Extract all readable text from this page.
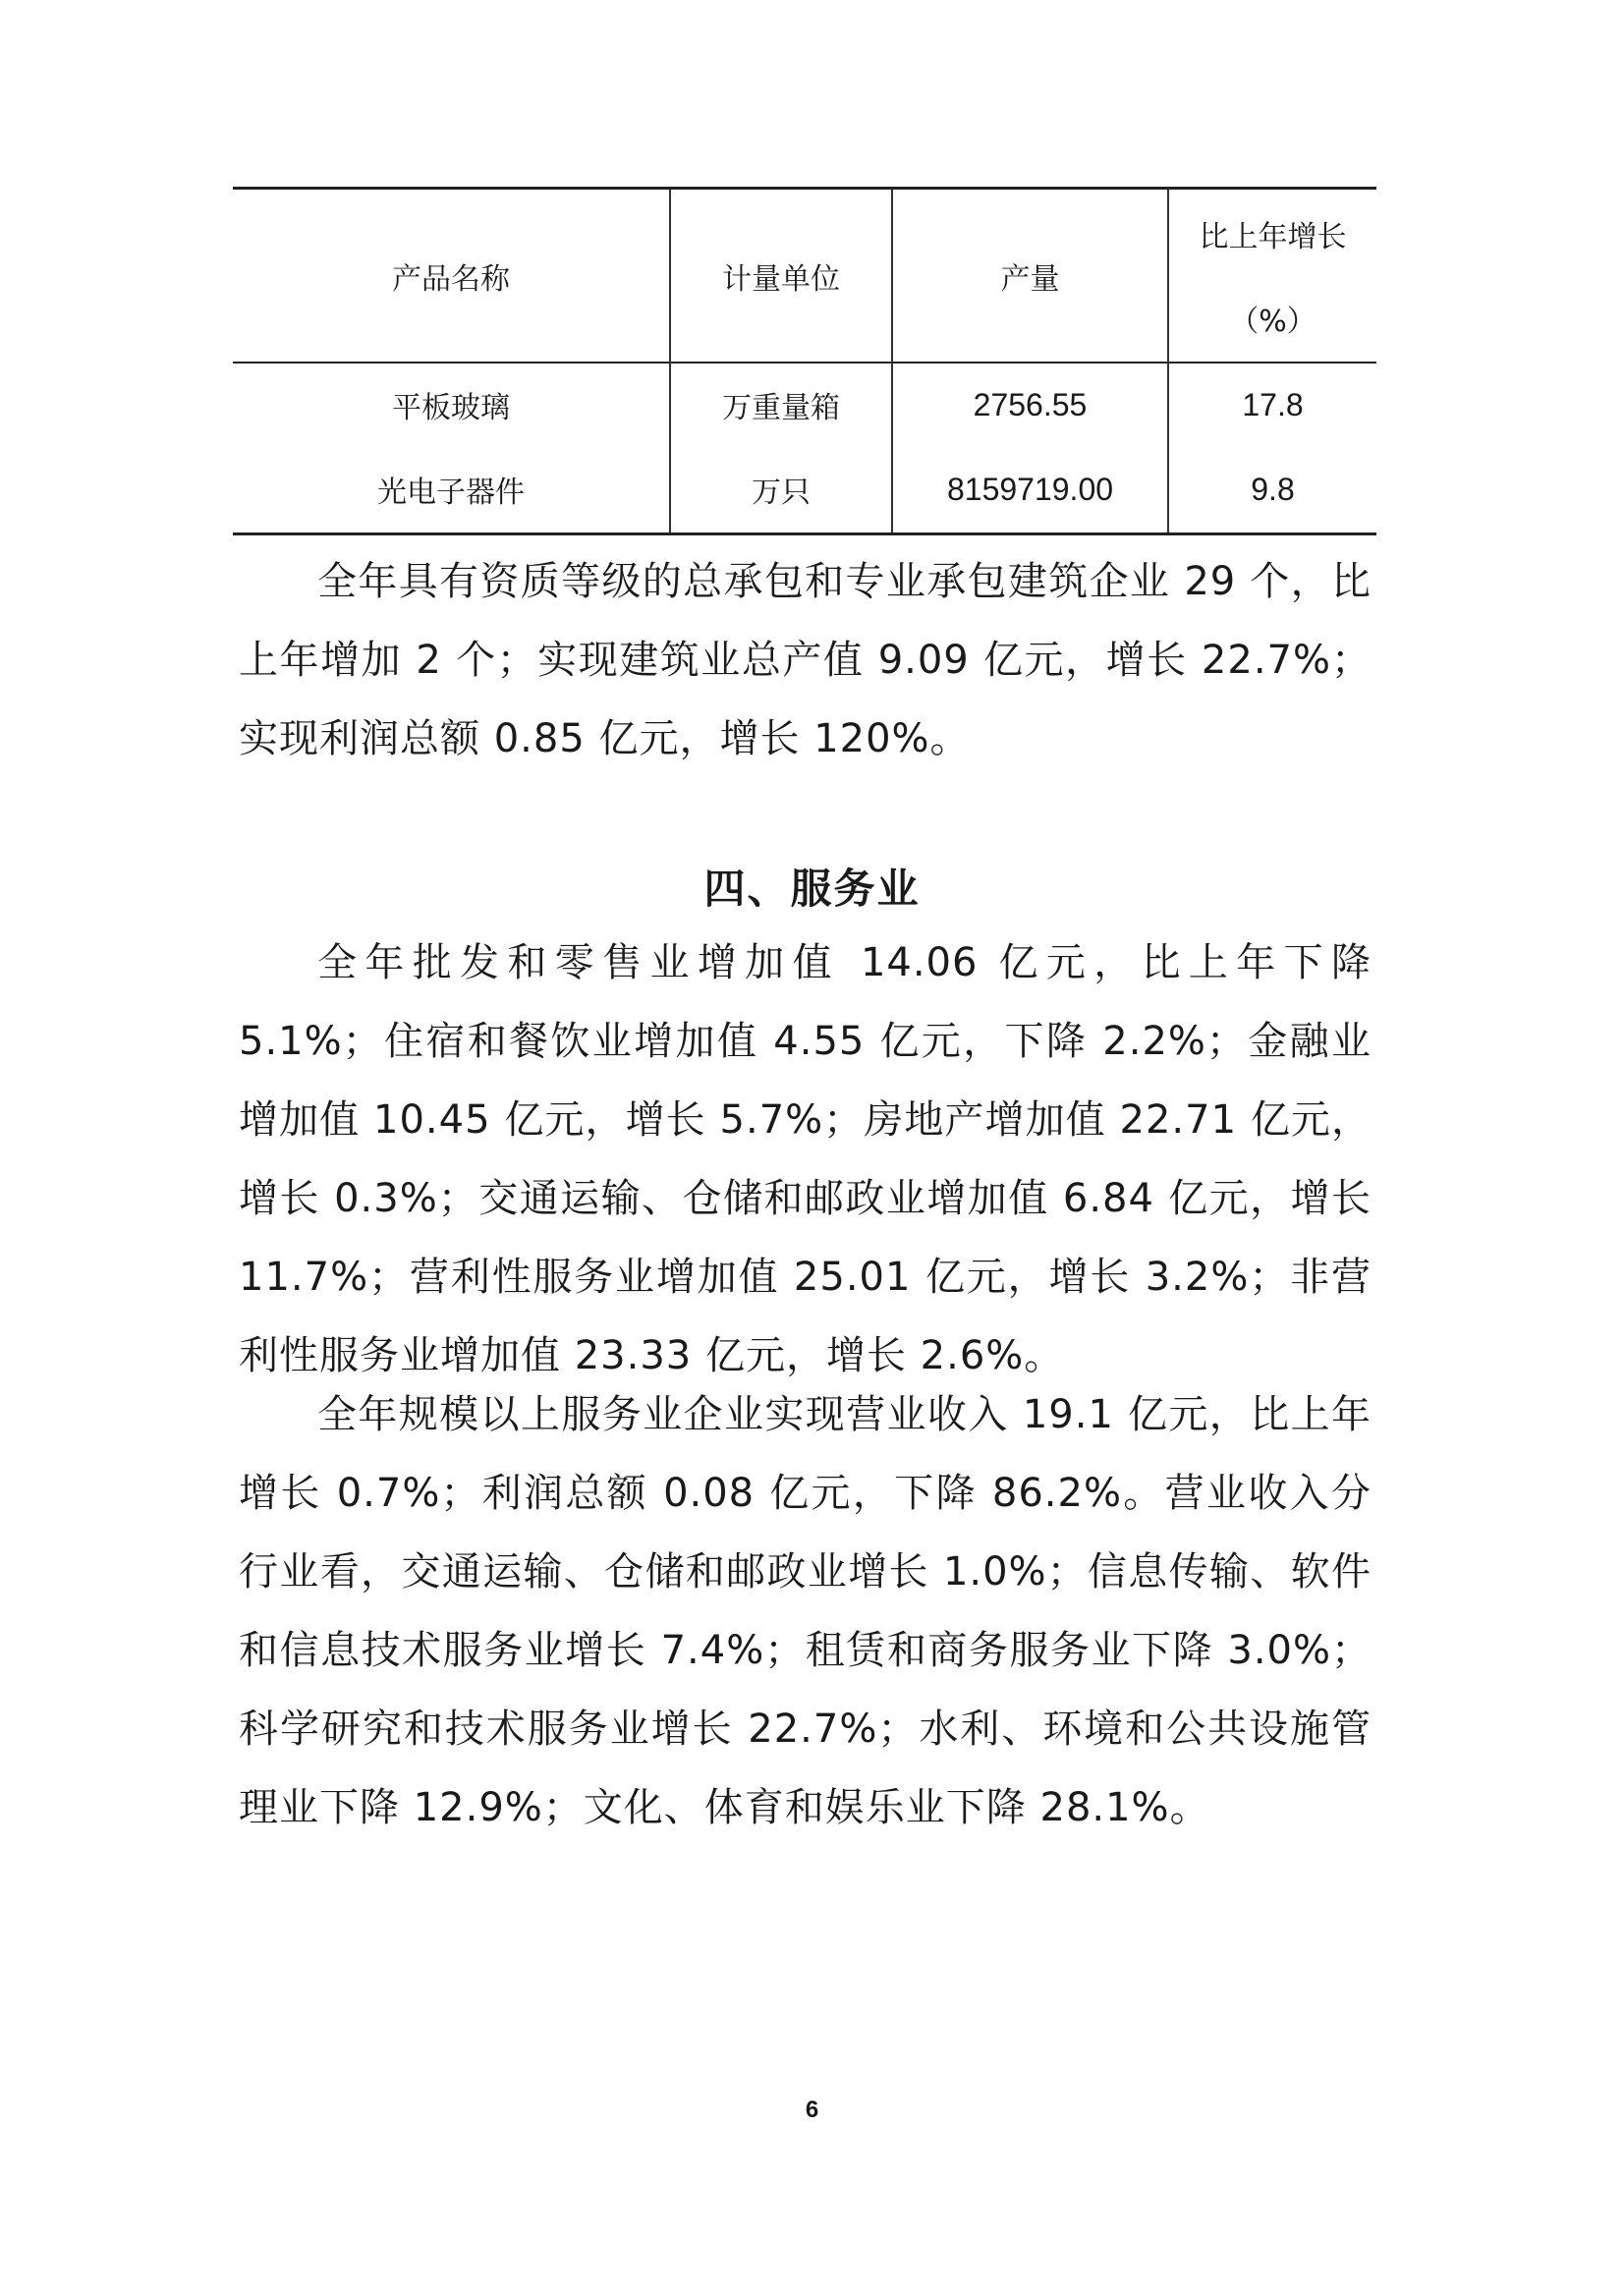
产品名称	计量单位	产量	比上年增长
（%）

平板玻璃	万重量箱	2756.55	17.8
光电子器件	万只	8159719.00	9.8

全年具有资质等级的总承包和专业承包建筑企业 29 个，比上年增加 2 个；实现建筑业总产值 9.09 亿元，增长 22.7%；实现利润总额 0.85 亿元，增长 120%。

四、服务业

全年批发和零售业增加值 14.06 亿元，比上年下降 5.1%；住宿和餐饮业增加值 4.55 亿元，下降 2.2%；金融业增加值 10.45 亿元，增长 5.7%；房地产增加值 22.71 亿元，增长 0.3%；交通运输、仓储和邮政业增加值 6.84 亿元，增长 11.7%；营利性服务业增加值 25.01 亿元，增长 3.2%；非营利性服务业增加值 23.33 亿元，增长 2.6%。

全年规模以上服务业企业实现营业收入 19.1 亿元，比上年增长 0.7%；利润总额 0.08 亿元，下降 86.2%。营业收入分行业看，交通运输、仓储和邮政业增长 1.0%；信息传输、软件和信息技术服务业增长 7.4%；租赁和商务服务业下降 3.0%；科学研究和技术服务业增长 22.7%；水利、环境和公共设施管理业下降 12.9%；文化、体育和娱乐业下降 28.1%。

6
